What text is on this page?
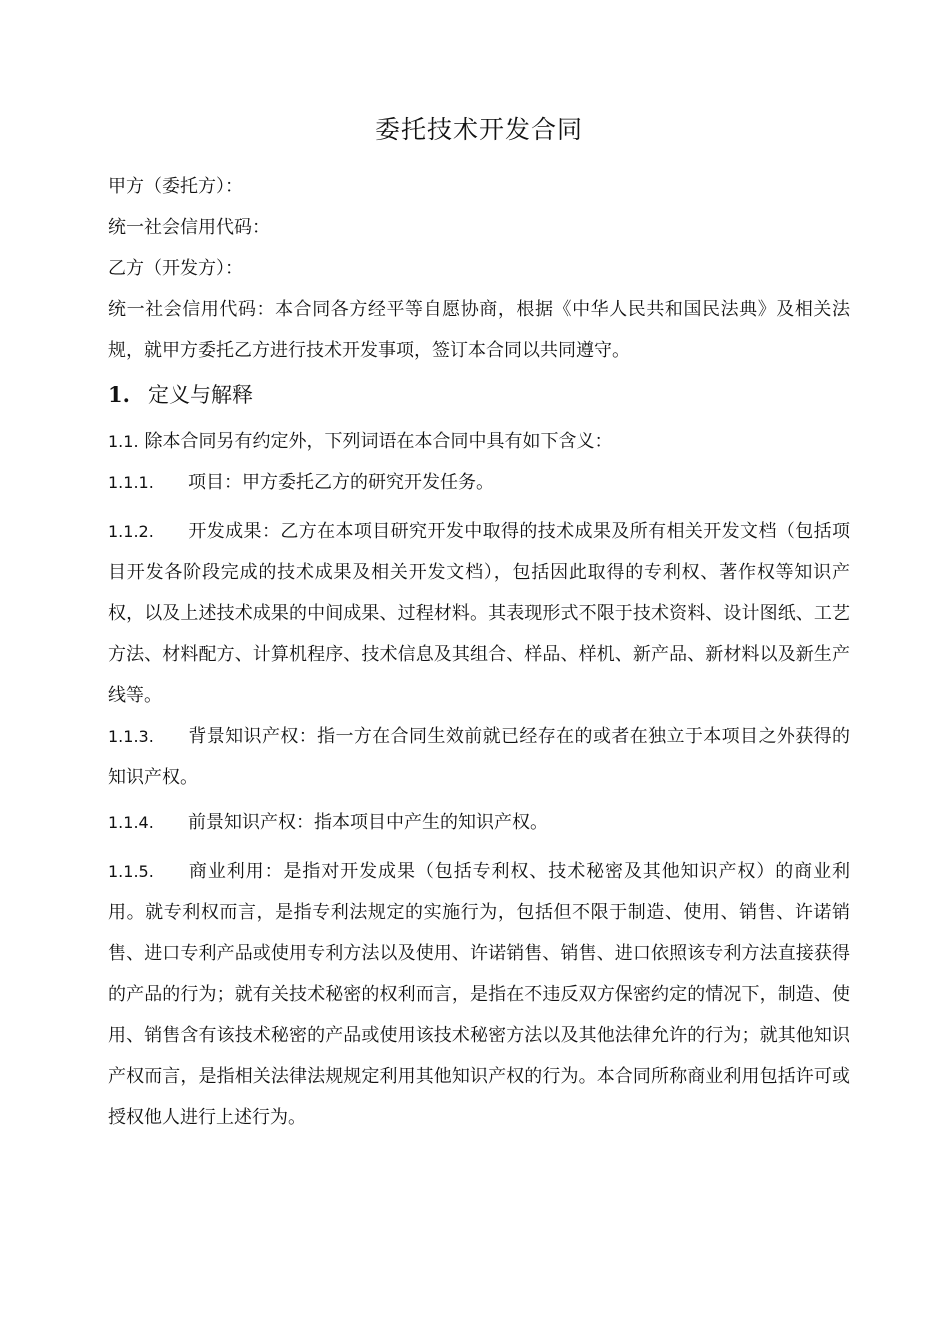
委托技术开发合同

甲方（委托方）：

统一社会信用代码：

乙方（开发方）：

统一社会信用代码：本合同各方经平等自愿协商，根据《中华人民共和国民法典》及相关法规，就甲方委托乙方进行技术开发事项，签订本合同以共同遵守。

1. 定义与解释

1.1. 除本合同另有约定外，下列词语在本合同中具有如下含义：

1.1.1. 项目：甲方委托乙方的研究开发任务。

1.1.2. 开发成果：乙方在本项目研究开发中取得的技术成果及所有相关开发文档（包括项目开发各阶段完成的技术成果及相关开发文档），包括因此取得的专利权、著作权等知识产权，以及上述技术成果的中间成果、过程材料。其表现形式不限于技术资料、设计图纸、工艺方法、材料配方、计算机程序、技术信息及其组合、样品、样机、新产品、新材料以及新生产线等。

1.1.3. 背景知识产权：指一方在合同生效前就已经存在的或者在独立于本项目之外获得的知识产权。

1.1.4. 前景知识产权：指本项目中产生的知识产权。

1.1.5. 商业利用：是指对开发成果（包括专利权、技术秘密及其他知识产权）的商业利用。就专利权而言，是指专利法规定的实施行为，包括但不限于制造、使用、销售、许诺销售、进口专利产品或使用专利方法以及使用、许诺销售、销售、进口依照该专利方法直接获得的产品的行为；就有关技术秘密的权利而言，是指在不违反双方保密约定的情况下，制造、使用、销售含有该技术秘密的产品或使用该技术秘密方法以及其他法律允许的行为；就其他知识产权而言，是指相关法律法规规定利用其他知识产权的行为。本合同所称商业利用包括许可或授权他人进行上述行为。
